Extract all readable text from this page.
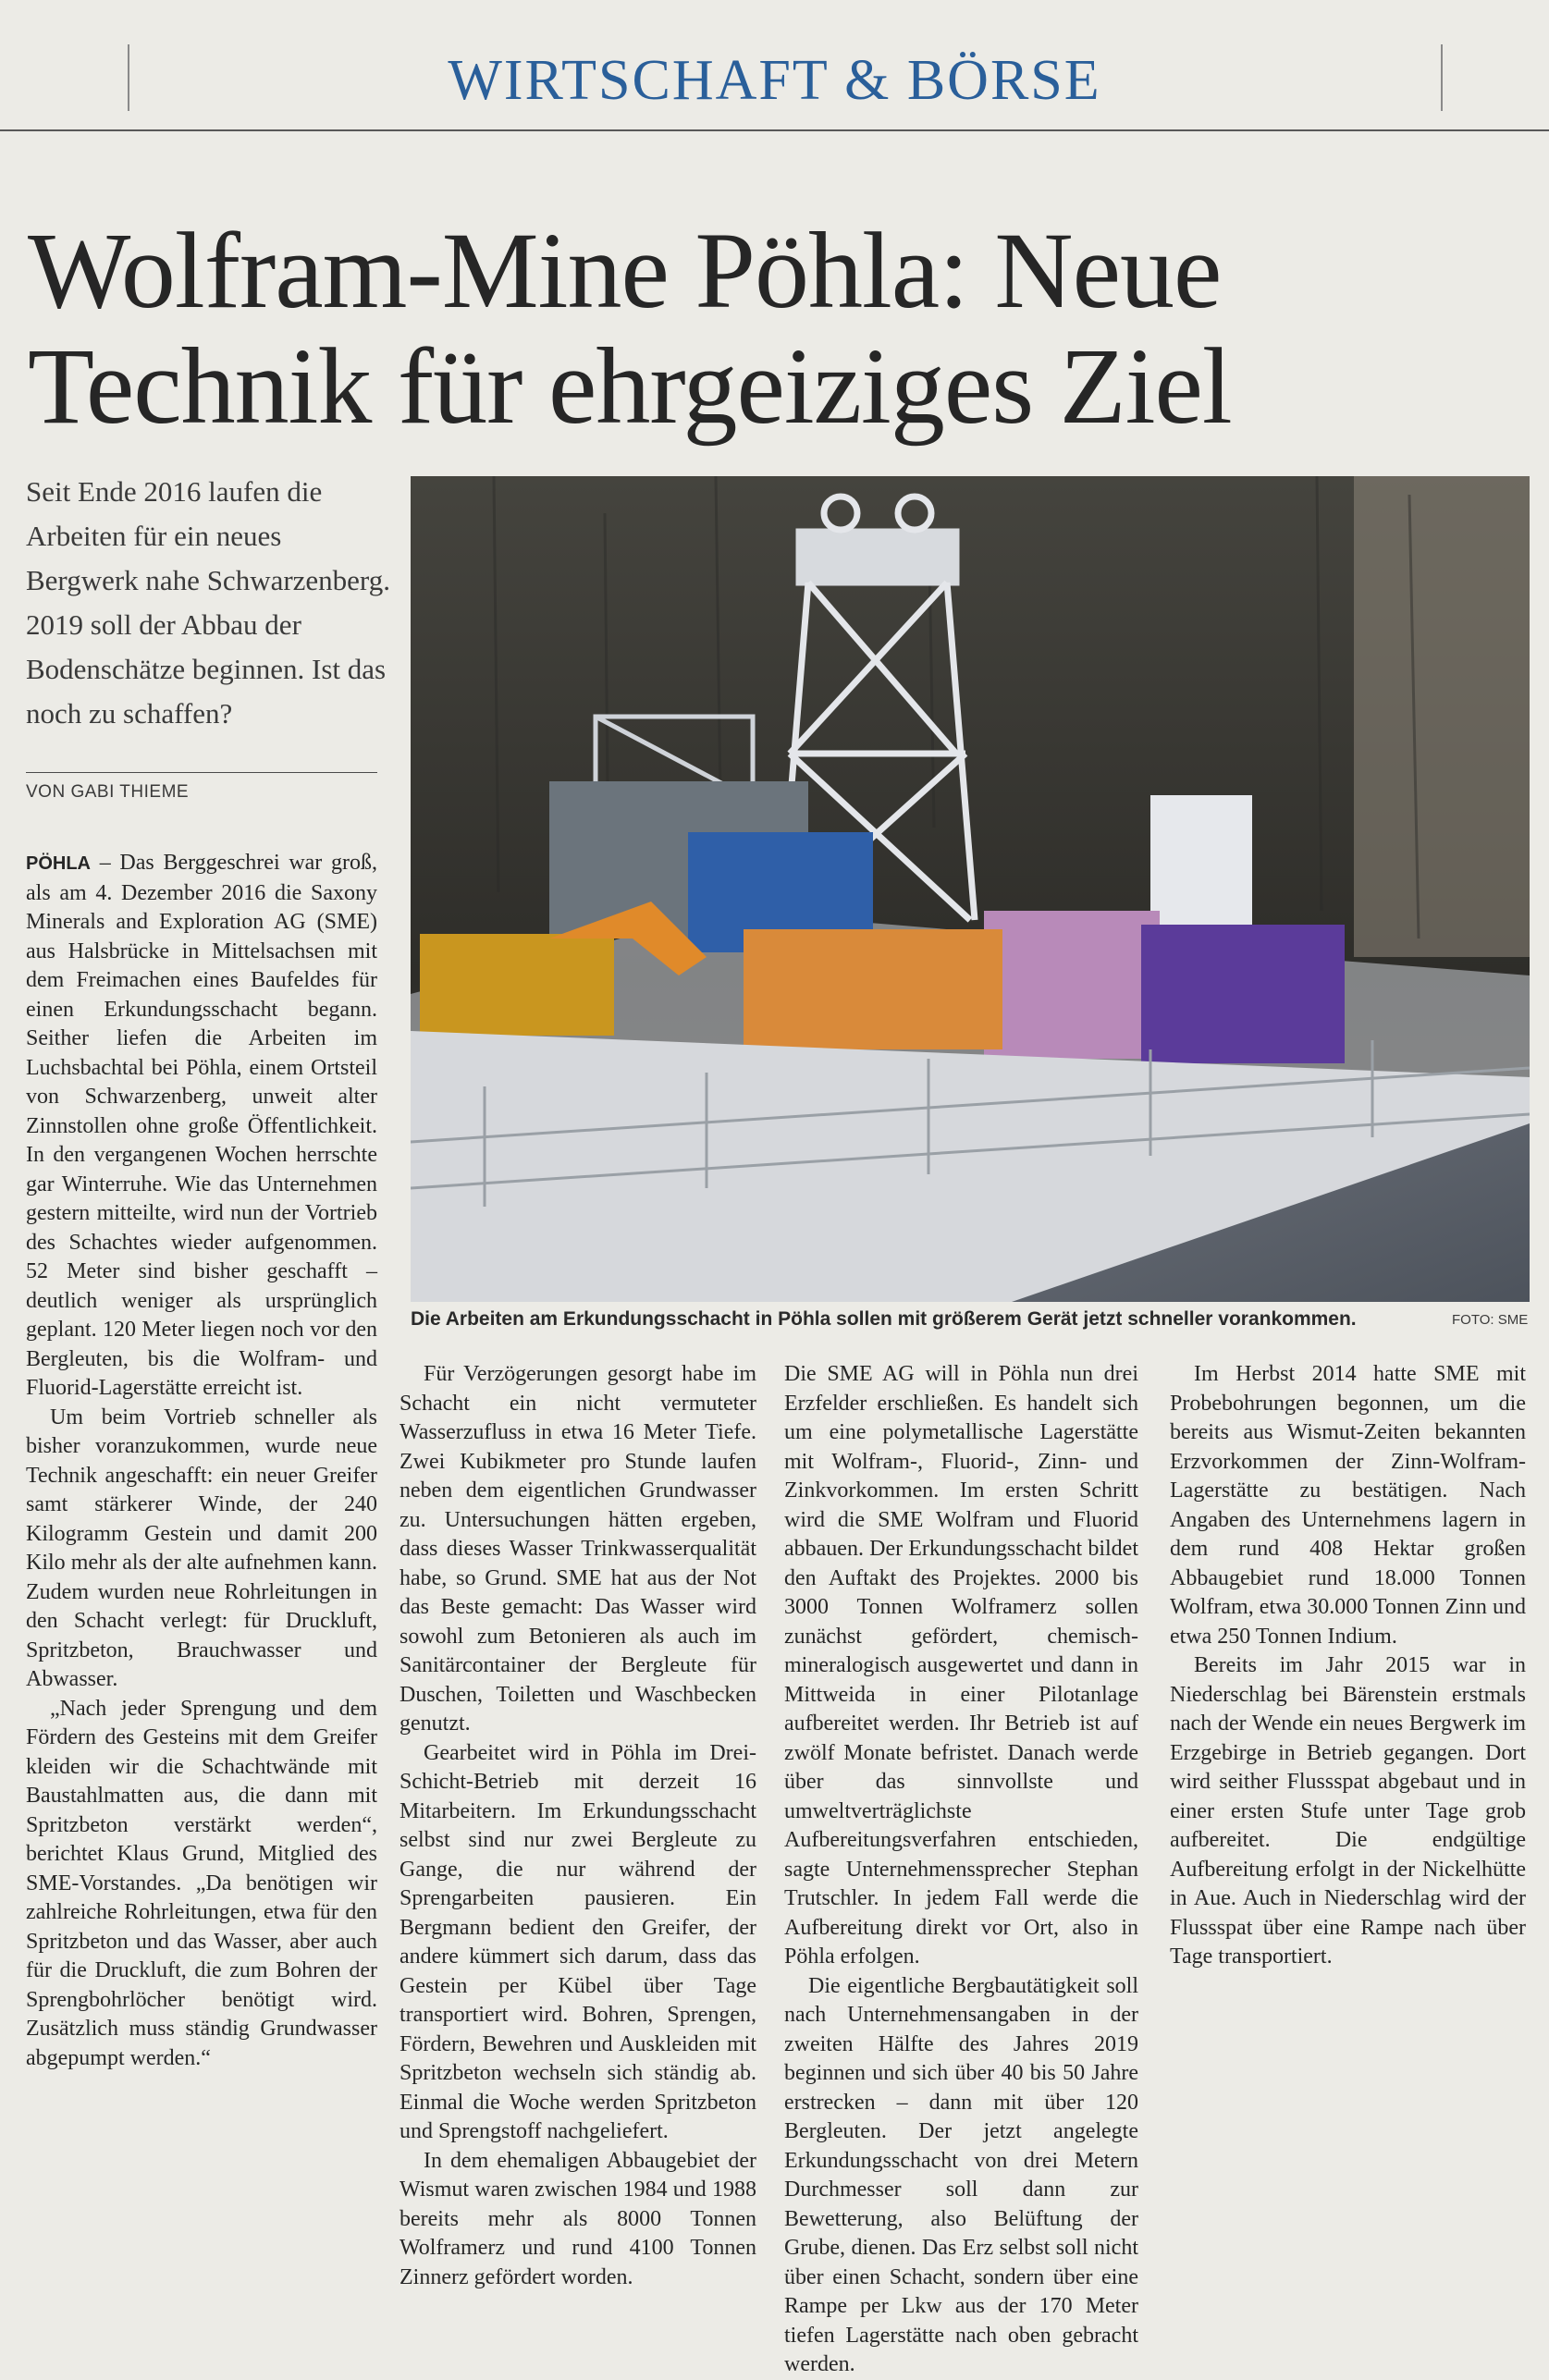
WIRTSCHAFT & BÖRSE
Wolfram-Mine Pöhla: Neue Technik für ehrgeiziges Ziel

Seit Ende 2016 laufen die Arbeiten für ein neues Bergwerk nahe Schwarzenberg. 2019 soll der Abbau der Bodenschätze beginnen. Ist das noch zu schaffen?

VON GABI THIEME
Die Arbeiten am Erkundungsschacht in Pöhla sollen mit größerem Gerät jetzt schneller vorankommen.	FOTO: SME

PÖHLA – Das Berggeschrei war groß, als am 4. Dezember 2016 die Saxony Minerals and Exploration AG (SME) aus Halsbrücke in Mittelsachsen mit dem Freimachen eines Baufeldes für einen Erkundungsschacht begann. Seither liefen die Arbeiten im Luchsbachtal bei Pöhla, einem Ortsteil von Schwarzenberg, unweit alter Zinnstollen ohne große Öffentlichkeit. In den vergangenen Wochen herrschte gar Winterruhe. Wie das Unternehmen gestern mitteilte, wird nun der Vortrieb des Schachtes wieder aufgenommen. 52 Meter sind bisher geschafft – deutlich weniger als ursprünglich geplant. 120 Meter liegen noch vor den Bergleuten, bis die Wolfram- und Fluorid-Lagerstätte erreicht ist.

Um beim Vortrieb schneller als bisher voranzukommen, wurde neue Technik angeschafft: ein neuer Greifer samt stärkerer Winde, der 240 Kilogramm Gestein und damit 200 Kilo mehr als der alte aufnehmen kann. Zudem wurden neue Rohrleitungen in den Schacht verlegt: für Druckluft, Spritzbeton, Brauchwasser und Abwasser.

„Nach jeder Sprengung und dem Fördern des Gesteins mit dem Greifer kleiden wir die Schachtwände mit Baustahlmatten aus, die dann mit Spritzbeton verstärkt werden“, berichtet Klaus Grund, Mitglied des SME-Vorstandes. „Da benötigen wir zahlreiche Rohrleitungen, etwa für den Spritzbeton und das Wasser, aber auch für die Druckluft, die zum Bohren der Sprengbohrlöcher benötigt wird. Zusätzlich muss ständig Grundwasser abgepumpt werden.“

Für Verzögerungen gesorgt habe im Schacht ein nicht vermuteter Wasserzufluss in etwa 16 Meter Tiefe. Zwei Kubikmeter pro Stunde laufen neben dem eigentlichen Grundwasser zu. Untersuchungen hätten ergeben, dass dieses Wasser Trinkwasserqualität habe, so Grund. SME hat aus der Not das Beste gemacht: Das Wasser wird sowohl zum Betonieren als auch im Sanitärcontainer der Bergleute für Duschen, Toiletten und Waschbecken genutzt.

Gearbeitet wird in Pöhla im Drei-Schicht-Betrieb mit derzeit 16 Mitarbeitern. Im Erkundungsschacht selbst sind nur zwei Bergleute zu Gange, die nur während der Sprengarbeiten pausieren. Ein Bergmann bedient den Greifer, der andere kümmert sich darum, dass das Gestein per Kübel über Tage transportiert wird. Bohren, Sprengen, Fördern, Bewehren und Auskleiden mit Spritzbeton wechseln sich ständig ab. Einmal die Woche werden Spritzbeton und Sprengstoff nachgeliefert.

In dem ehemaligen Abbaugebiet der Wismut waren zwischen 1984 und 1988 bereits mehr als 8000 Tonnen Wolframerz und rund 4100 Tonnen Zinnerz gefördert worden.

Die SME AG will in Pöhla nun drei Erzfelder erschließen. Es handelt sich um eine polymetallische Lagerstätte mit Wolfram-, Fluorid-, Zinn- und Zinkvorkommen. Im ersten Schritt wird die SME Wolfram und Fluorid abbauen. Der Erkundungsschacht bildet den Auftakt des Projektes. 2000 bis 3000 Tonnen Wolframerz sollen zunächst gefördert, chemisch-mineralogisch ausgewertet und dann in Mittweida in einer Pilotanlage aufbereitet werden. Ihr Betrieb ist auf zwölf Monate befristet. Danach werde über das sinnvollste und umweltverträglichste Aufbereitungsverfahren entschieden, sagte Unternehmenssprecher Stephan Trutschler. In jedem Fall werde die Aufbereitung direkt vor Ort, also in Pöhla erfolgen.

Die eigentliche Bergbautätigkeit soll nach Unternehmensangaben in der zweiten Hälfte des Jahres 2019 beginnen und sich über 40 bis 50 Jahre erstrecken – dann mit über 120 Bergleuten. Der jetzt angelegte Erkundungsschacht von drei Metern Durchmesser soll dann zur Bewetterung, also Belüftung der Grube, dienen. Das Erz selbst soll nicht über einen Schacht, sondern über eine Rampe per Lkw aus der 170 Meter tiefen Lagerstätte nach oben gebracht werden.

Im Herbst 2014 hatte SME mit Probebohrungen begonnen, um die bereits aus Wismut-Zeiten bekannten Erzvorkommen der Zinn-Wolfram-Lagerstätte zu bestätigen. Nach Angaben des Unternehmens lagern in dem rund 408 Hektar großen Abbaugebiet rund 18.000 Tonnen Wolfram, etwa 30.000 Tonnen Zinn und etwa 250 Tonnen Indium.

Bereits im Jahr 2015 war in Niederschlag bei Bärenstein erstmals nach der Wende ein neues Bergwerk im Erzgebirge in Betrieb gegangen. Dort wird seither Flussspat abgebaut und in einer ersten Stufe unter Tage grob aufbereitet. Die endgültige Aufbereitung erfolgt in der Nickelhütte in Aue. Auch in Niederschlag wird der Flussspat über eine Rampe nach über Tage transportiert.
